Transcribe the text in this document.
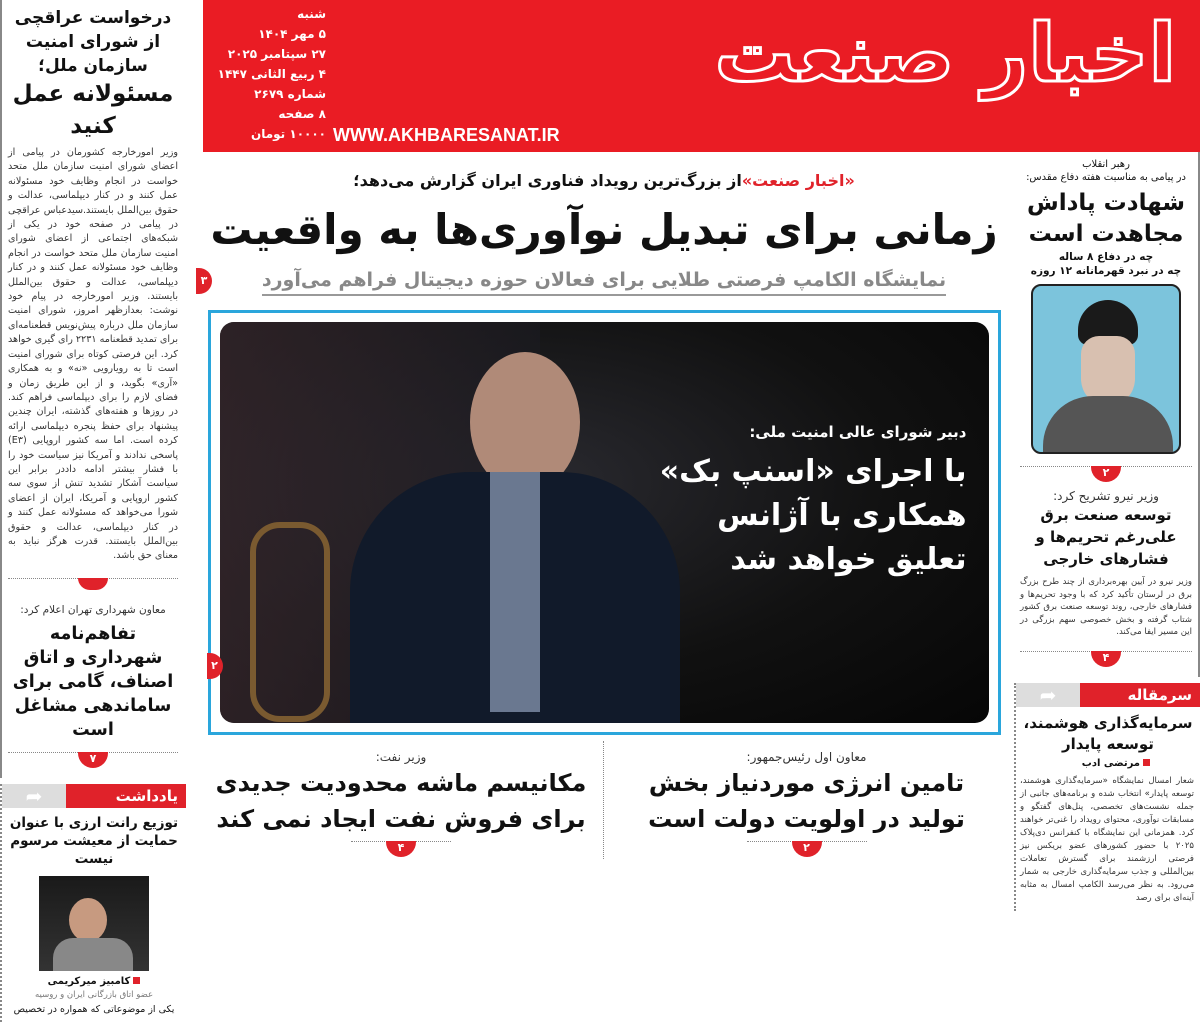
درخواست عراقچی از شورای امنیت سازمان ملل؛
مسئولانه عمل کنید
وزیر امورخارجه کشورمان در پیامی از اعضای شورای امنیت سازمان ملل متحد خواست در انجام وظایف خود مسئولانه عمل کنند و در کنار دیپلماسی، عدالت و حقوق بین‌الملل بایستند.سیدعباس عراقچی در پیامی در صفحه خود در یکی از شبکه‌های اجتماعی از اعضای شورای امنیت سازمان ملل متحد خواست در انجام وظایف خود مسئولانه عمل کنند و در کنار دیپلماسی، عدالت و حقوق بین‌الملل بایستند. وزیر امورخارجه در پیام خود نوشت: بعدازظهر امروز، شورای امنیت سازمان ملل درباره پیش‌نویس قطعنامه‌ای برای تمدید قطعنامه ۲۲۳۱ رای گیری خواهد کرد. این فرصتی کوتاه برای شورای امنیت است تا به رویارویی «نه» و به همکاری «آری» بگوید، و از این طریق زمان و فضای لازم را برای دیپلماسی فراهم کند. در روزها و هفته‌های گذشته، ایران چندین پیشنهاد برای حفظ پنجره دیپلماسی ارائه کرده است. اما سه کشور اروپایی (E۳) پاسخی ندادند و آمریکا نیز سیاست خود را با فشار بیشتر ادامه داددر برابر این سیاست آشکار تشدید تنش از سوی سه کشور اروپایی و آمریکا، ایران از اعضای شورا می‌خواهد که مسئولانه عمل کنند و در کنار دیپلماسی، عدالت و حقوق بین‌الملل بایستند. قدرت هرگز نباید به معنای حق باشد.
معاون شهرداری تهران اعلام کرد:
تفاهم‌نامه شهرداری و اتاق اصناف، گامی برای ساماندهی مشاغل است
۷
➦	یادداشت
توزیع رانت ارزی با عنوان حمایت از معیشت مرسوم نیست
کامبیز میرکریمی
عضو اتاق بازرگانی ایران و روسیه
یکی از موضوعاتی که همواره در تخصیص
اخبار صنعت
WWW.AKHBARESANAT.IR
شنبه
۵ مهر ۱۴۰۴
۲۷ سپتامبر ۲۰۲۵
۴ ربیع الثانی ۱۴۴۷
شماره ۲۶۷۹
۸ صفحه
۱۰۰۰۰ تومان
«اخبار صنعت»از بزرگ‌ترین رویداد فناوری ایران گزارش می‌دهد؛
زمانی برای تبدیل نوآوری‌ها به واقعیت
۳	نمایشگاه الکامپ فرصتی طلایی برای فعالان حوزه دیجیتال فراهم می‌آورد
دبیر شورای عالی امنیت ملی:
با اجرای «اسنپ بک»
همکاری با آژانس
تعلیق خواهد شد
۲
معاون اول رئیس‌جمهور:
تامین انرژی موردنیاز بخش تولید در اولویت دولت است
۲
وزیر نفت:
مکانیسم ماشه محدودیت جدیدی برای فروش نفت ایجاد نمی کند
۴
رهبر انقلاب
در پیامی به مناسبت هفته دفاع مقدس:
شهادت پاداش مجاهدت است
چه در دفاع ۸ ساله
چه در نبرد قهرمانانه ۱۲ روزه
۲
وزیر نیرو تشریح کرد:
توسعه صنعت برق علی‌رغم تحریم‌ها و فشارهای خارجی
وزیر نیرو در آیین بهره‌برداری از چند طرح بزرگ برق در لرستان تأکید کرد که با وجود تحریم‌ها و فشارهای خارجی، روند توسعه صنعت برق کشور شتاب گرفته و بخش خصوصی سهم بزرگی در این مسیر ایفا می‌کند.
۴
➦	سرمقاله
سرمایه‌گذاری هوشمند، توسعه پایدار
مرتضی ادب
شعار امسال نمایشگاه «سرمایه‌گذاری هوشمند، توسعه پایدار» انتخاب شده و برنامه‌های جانبی از جمله نشست‌های تخصصی، پنل‌های گفتگو و مسابقات نوآوری، محتوای رویداد را غنی‌تر خواهند کرد. همزمانی این نمایشگاه با کنفرانس دی‌پلاک ۲۰۲۵ با حضور کشورهای عضو بریکس نیز فرصتی ارزشمند برای گسترش تعاملات بین‌المللی و جذب سرمایه‌گذاری خارجی به شمار می‌رود. به نظر می‌رسد الکامپ امسال به مثابه آینه‌ای برای رصد
